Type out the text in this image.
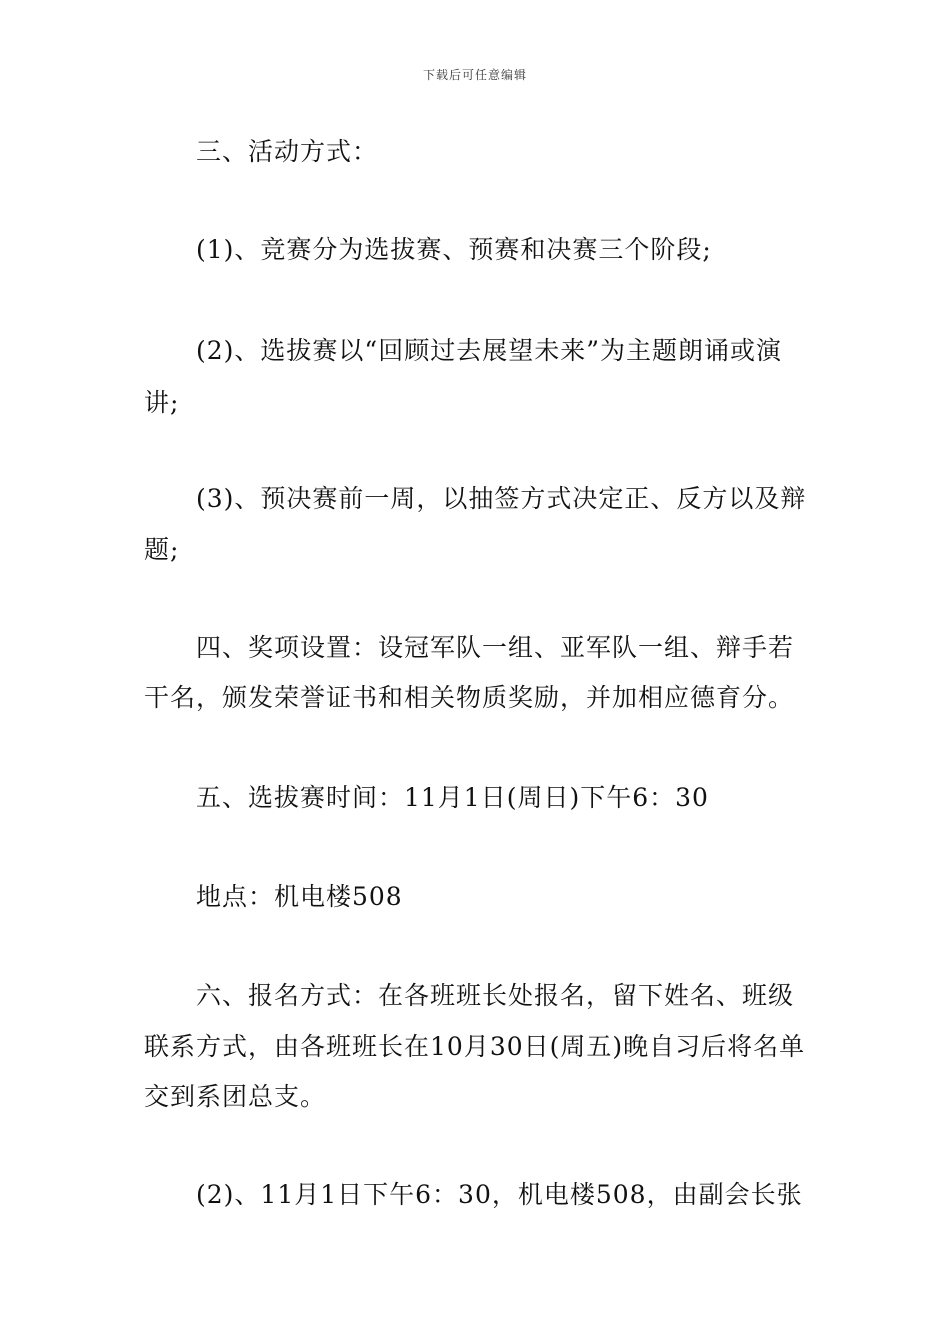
下载后可任意编辑
三、活动方式：
(1)、竞赛分为选拔赛、预赛和决赛三个阶段;
(2)、选拔赛以“回顾过去展望未来”为主题朗诵或演
讲;
(3)、预决赛前一周，以抽签方式决定正、反方以及辩
题;
四、奖项设置：设冠军队一组、亚军队一组、辩手若
干名，颁发荣誉证书和相关物质奖励，并加相应德育分。
五、选拔赛时间：11月1日(周日)下午6：30
地点：机电楼508
六、报名方式：在各班班长处报名，留下姓名、班级
联系方式，由各班班长在10月30日(周五)晚自习后将名单
交到系团总支。
(2)、11月1日下午6：30，机电楼508，由副会长张
